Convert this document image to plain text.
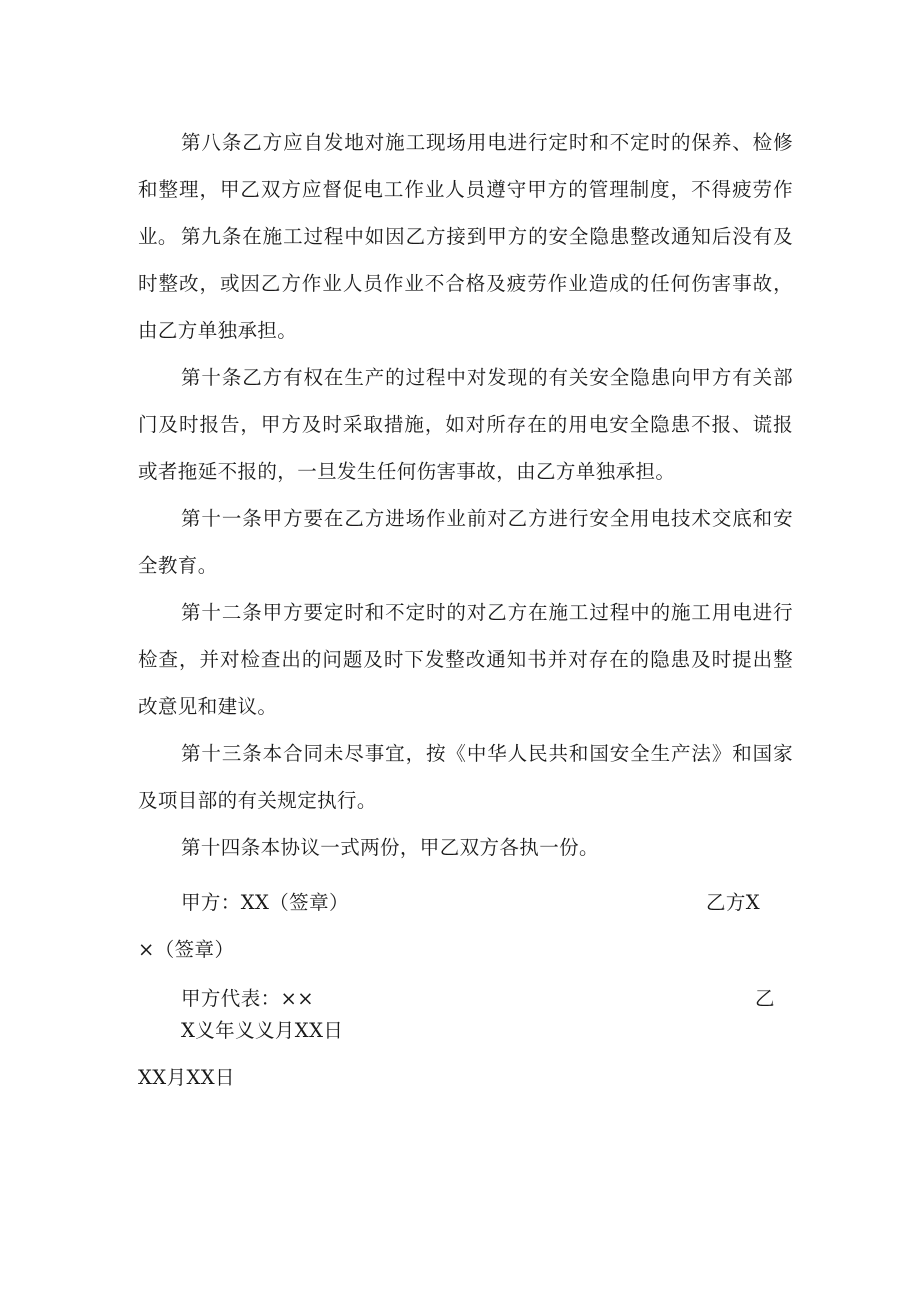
第八条乙方应自发地对施工现场用电进行定时和不定时的保养、检修和整理，甲乙双方应督促电工作业人员遵守甲方的管理制度，不得疲劳作业。 第九条在施工过程中如因乙方接到甲方的安全隐患整改通知后没有及时整改，或因乙方作业人员作业不合格及疲劳作业造成的任何伤害事故，由乙方单独承担。

第十条乙方有权在生产的过程中对发现的有关安全隐患向甲方有关部门及时报告，甲方及时采取措施，如对所存在的用电安全隐患不报、谎报或者拖延不报的，一旦发生任何伤害事故，由乙方单独承担。

第十一条甲方要在乙方进场作业前对乙方进行安全用电技术交底和安全教育。

第十二条甲方要定时和不定时的对乙方在施工过程中的施工用电进行检查，并对检查出的问题及时下发整改通知书并对存在的隐患及时提出整改意见和建议。

第十三条本合同未尽事宜，按《中华人民共和国安全生产法》和国家及项目部的有关规定执行。

第十四条本协议一式两份，甲乙双方各执一份。

甲方：XX（签章）	乙方X
×（签章）
甲方代表：××	乙
X义年义义月XX日
XX月XX日
